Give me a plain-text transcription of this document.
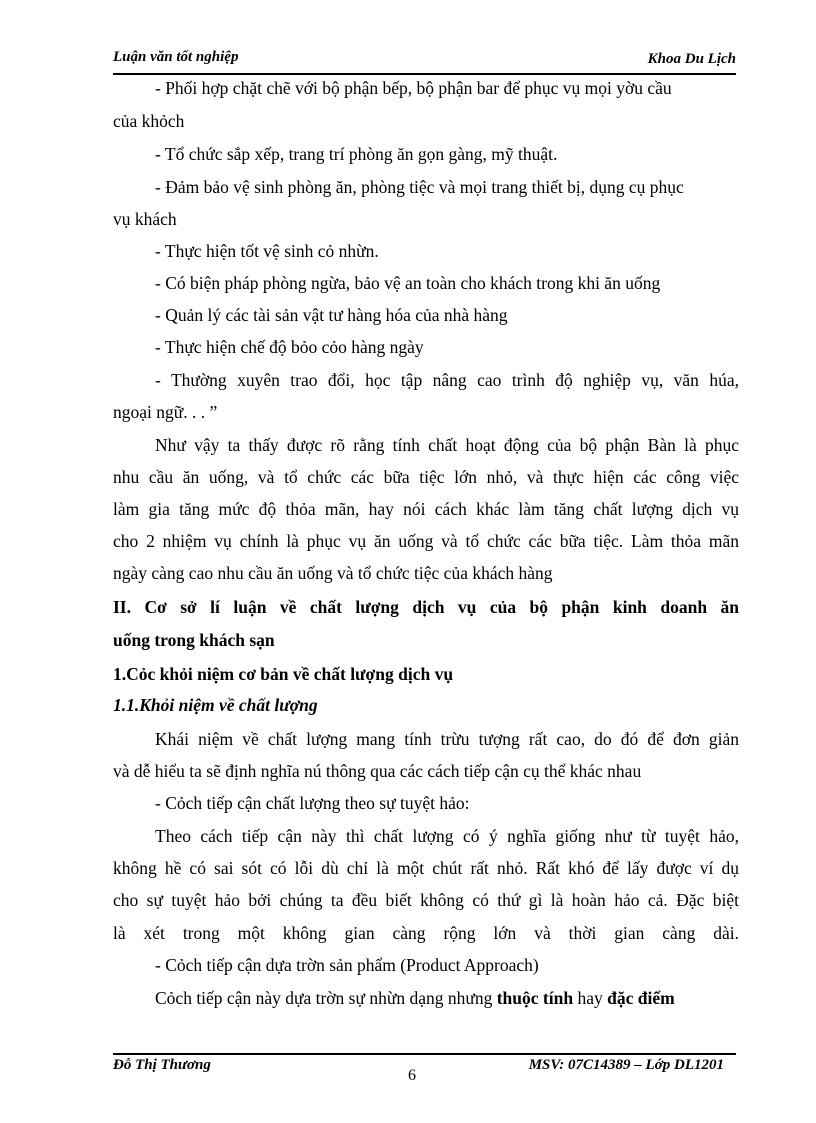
Luận văn tốt nghiệp	Khoa Du Lịch
- Phối hợp chặt chẽ với bộ phận bếp, bộ phận bar để phục vụ mọi yờu cầu
của khỏch
- Tổ chức sắp xếp, trang trí phòng ăn gọn gàng, mỹ thuật.
- Đảm bảo vệ sinh phòng ăn, phòng tiệc và mọi trang thiết bị, dụng cụ phục
vụ khách
- Thực hiện tốt vệ sinh cỏ nhừn.
- Có biện pháp phòng ngừa, bảo vệ an toàn cho khách trong khi ăn uống
- Quản lý các tài sản vật tư hàng hóa của nhà hàng
- Thực hiện chế độ bỏo cỏo hàng ngày
- Thường xuyên trao đổi, học tập nâng cao trình độ nghiệp vụ, văn húa,
ngoại ngữ. . . ”
Như vậy ta thấy được rõ rằng tính chất hoạt động của bộ phận Bàn là phục
nhu cầu ăn uống, và tổ chức các bữa tiệc lớn nhỏ, và thực hiện các công việc
làm gia tăng mức độ thỏa mãn, hay nói cách khác làm tăng chất lượng dịch vụ
cho 2 nhiệm vụ chính là phục vụ ăn uống và tổ chức các bữa tiệc. Làm thỏa mãn
ngày càng cao nhu cầu ăn uống và tổ chức tiệc của khách hàng
II. Cơ sở lí luận về chất lượng dịch vụ của bộ phận kinh doanh ăn
uống trong khách sạn
1.Cỏc khỏi niệm cơ bản về chất lượng dịch vụ
1.1.Khỏi niệm về chất lượng
Khái niệm về chất lượng mang tính trừu tượng rất cao, do đó để đơn giản
và dễ hiểu ta sẽ định nghĩa nú thông qua các cách tiếp cận cụ thể khác nhau
- Cỏch tiếp cận chất lượng theo sự tuyệt hảo:
Theo cách tiếp cận này thì chất lượng có ý nghĩa giống như từ tuyệt hảo,
không hề có sai sót có lỗi dù chỉ là một chút rất nhỏ. Rất khó để lấy được ví dụ
cho sự tuyệt hảo bởi chúng ta đều biết không có thứ gì là hoàn hảo cả. Đặc biệt
là xét trong một không gian càng rộng lớn và thời gian càng dài.
- Cỏch tiếp cận dựa trờn sản phẩm (Product Approach)
Cỏch tiếp cận này dựa trờn sự nhừn dạng nhưng thuộc tính hay đặc điểm
Đỗ Thị Thương
6
MSV: 07C14389 – Lớp DL1201
